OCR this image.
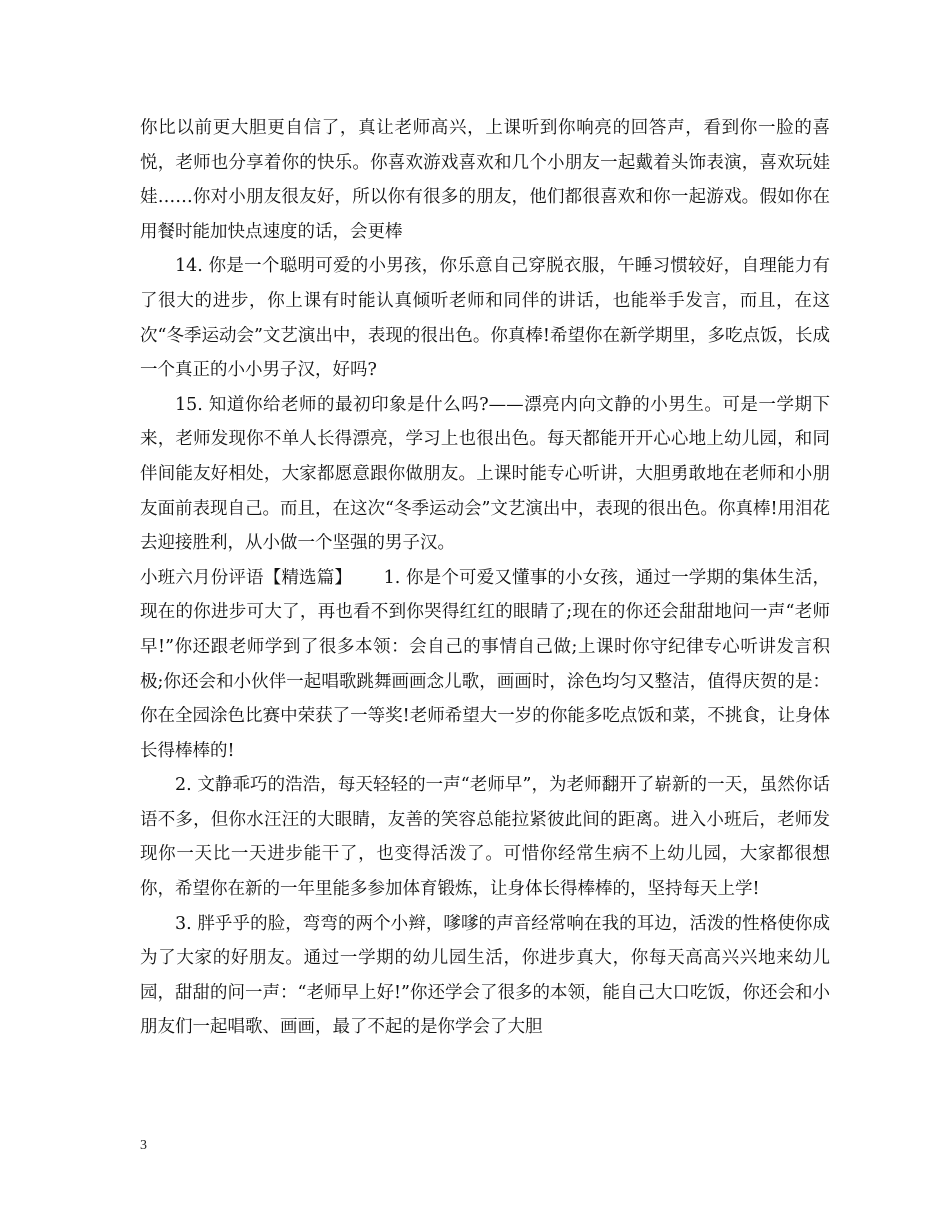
你比以前更大胆更自信了，真让老师高兴，上课听到你响亮的回答声，看到你一脸的喜悦，老师也分享着你的快乐。你喜欢游戏喜欢和几个小朋友一起戴着头饰表演，喜欢玩娃娃……你对小朋友很友好，所以你有很多的朋友，他们都很喜欢和你一起游戏。假如你在用餐时能加快点速度的话，会更棒

14. 你是一个聪明可爱的小男孩，你乐意自己穿脱衣服，午睡习惯较好，自理能力有了很大的进步，你上课有时能认真倾听老师和同伴的讲话，也能举手发言，而且，在这次“冬季运动会”文艺演出中，表现的很出色。你真棒!希望你在新学期里，多吃点饭，长成一个真正的小小男子汉，好吗?

15. 知道你给老师的最初印象是什么吗?——漂亮内向文静的小男生。可是一学期下来，老师发现你不单人长得漂亮，学习上也很出色。每天都能开开心心地上幼儿园，和同伴间能友好相处，大家都愿意跟你做朋友。上课时能专心听讲，大胆勇敢地在老师和小朋友面前表现自己。而且，在这次“冬季运动会”文艺演出中，表现的很出色。你真棒!用泪花去迎接胜利，从小做一个坚强的男子汉。

小班六月份评语【精选篇】 1. 你是个可爱又懂事的小女孩，通过一学期的集体生活，现在的你进步可大了，再也看不到你哭得红红的眼睛了;现在的你还会甜甜地问一声“老师早!”你还跟老师学到了很多本领：会自己的事情自己做;上课时你守纪律专心听讲发言积极;你还会和小伙伴一起唱歌跳舞画画念儿歌，画画时，涂色均匀又整洁，值得庆贺的是：你在全园涂色比赛中荣获了一等奖!老师希望大一岁的你能多吃点饭和菜，不挑食，让身体长得棒棒的!

2. 文静乖巧的浩浩，每天轻轻的一声“老师早”，为老师翻开了崭新的一天，虽然你话语不多，但你水汪汪的大眼睛，友善的笑容总能拉紧彼此间的距离。进入小班后，老师发现你一天比一天进步能干了，也变得活泼了。可惜你经常生病不上幼儿园，大家都很想你，希望你在新的一年里能多参加体育锻炼，让身体长得棒棒的，坚持每天上学!

3. 胖乎乎的脸，弯弯的两个小辫，嗲嗲的声音经常响在我的耳边，活泼的性格使你成为了大家的好朋友。通过一学期的幼儿园生活，你进步真大，你每天高高兴兴地来幼儿园，甜甜的问一声：“老师早上好!”你还学会了很多的本领，能自己大口吃饭，你还会和小朋友们一起唱歌、画画，最了不起的是你学会了大胆

3
